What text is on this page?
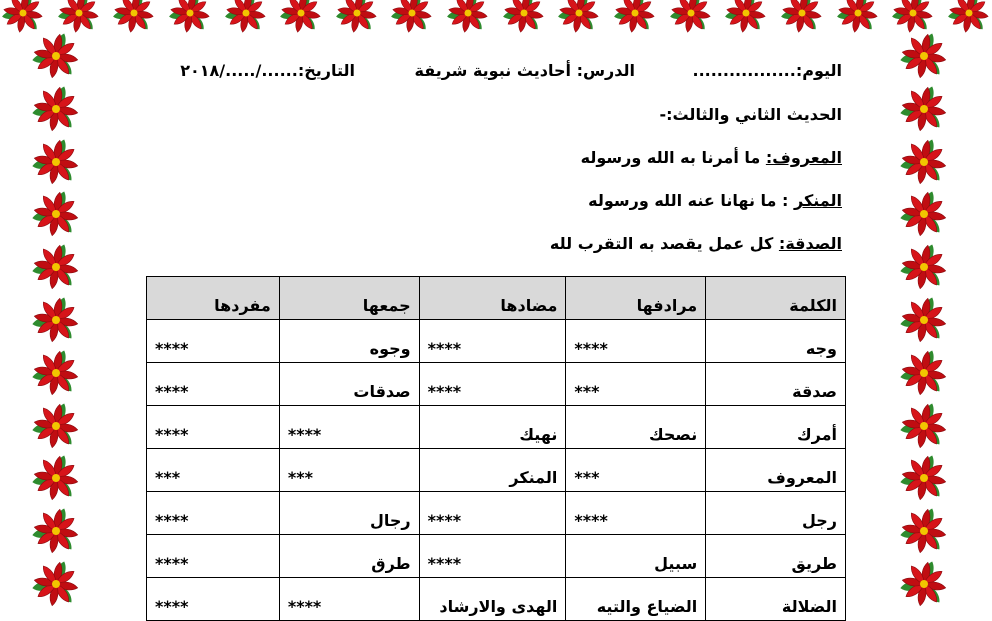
اليوم:.................
الدرس: أحاديث نبوية شريفة
التاريخ:....../...../٢٠١٨
الحديث الثاني والثالث:-
المعروف: ما أمرنا به الله ورسوله
المنكر : ما نهانا عنه الله ورسوله
الصدقة: كل عمل يقصد به التقرب لله
الكلمة	مرادفها	مضادها	جمعها	مفردها
وجه	****	****	وجوه	****
صدقة	***	****	صدقات	****
أمرك	نصحك	نهيك	****	****
المعروف	***	المنكر	***	***
رجل	****	****	رجال	****
طريق	سبيل	****	طرق	****
الضلالة	الضياع والتيه	الهدى والارشاد	****	****
